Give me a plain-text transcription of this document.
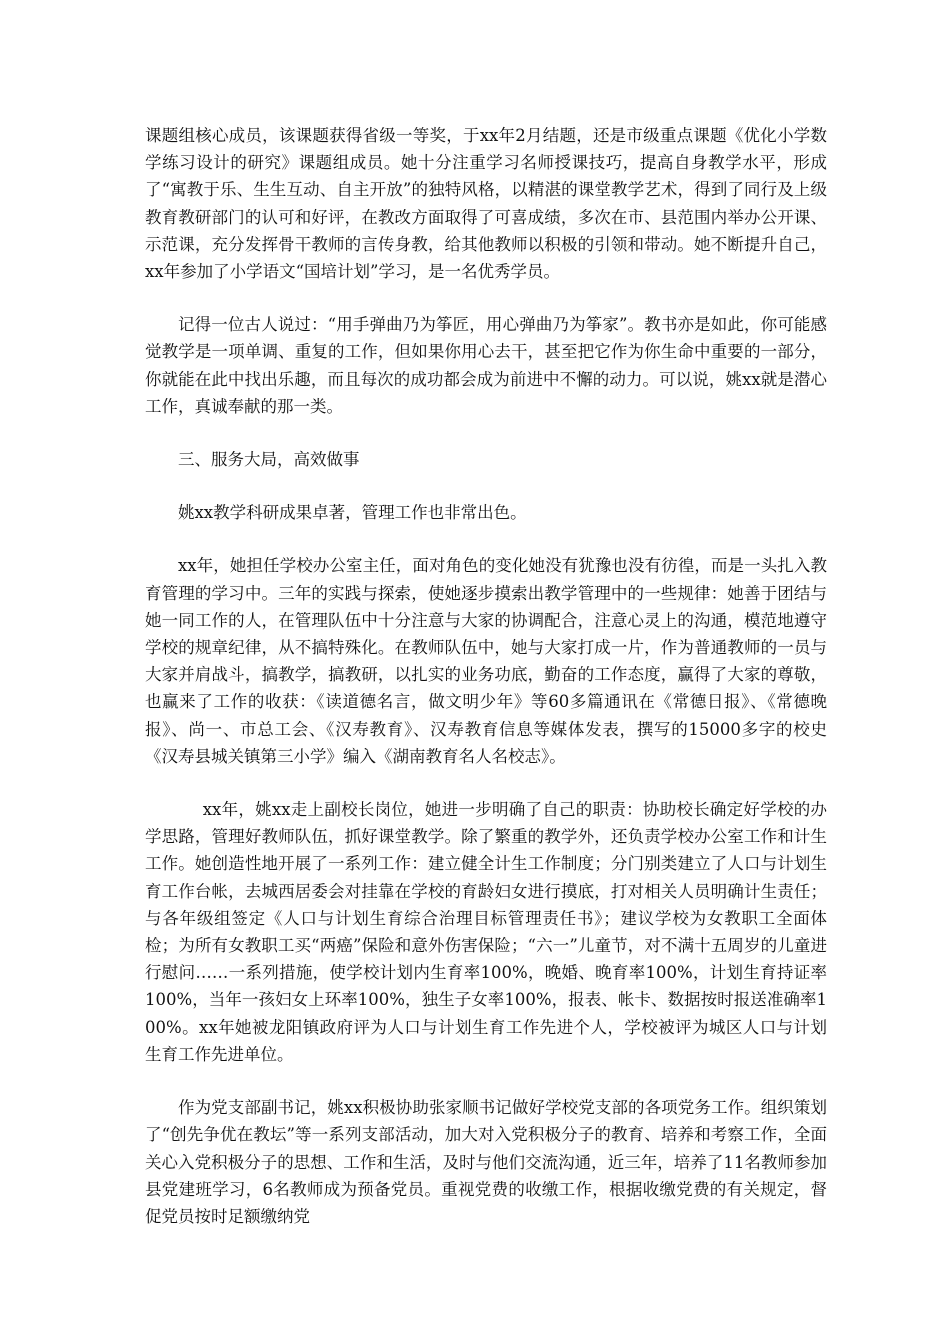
课题组核心成员，该课题获得省级一等奖，于xx年2月结题，还是市级重点课题《优化小学数学练习设计的研究》课题组成员。她十分注重学习名师授课技巧，提高自身教学水平，形成了“寓教于乐、生生互动、自主开放”的独特风格，以精湛的课堂教学艺术，得到了同行及上级教育教研部门的认可和好评，在教改方面取得了可喜成绩，多次在市、县范围内举办公开课、示范课，充分发挥骨干教师的言传身教，给其他教师以积极的引领和带动。她不断提升自己，xx年参加了小学语文“国培计划”学习，是一名优秀学员。

记得一位古人说过：“用手弹曲乃为筝匠，用心弹曲乃为筝家”。教书亦是如此，你可能感觉教学是一项单调、重复的工作，但如果你用心去干，甚至把它作为你生命中重要的一部分，你就能在此中找出乐趣，而且每次的成功都会成为前进中不懈的动力。可以说，姚xx就是潜心工作，真诚奉献的那一类。

三、服务大局，高效做事

姚xx教学科研成果卓著，管理工作也非常出色。

xx年，她担任学校办公室主任，面对角色的变化她没有犹豫也没有彷徨，而是一头扎入教育管理的学习中。三年的实践与探索，使她逐步摸索出教学管理中的一些规律：她善于团结与她一同工作的人，在管理队伍中十分注意与大家的协调配合，注意心灵上的沟通，模范地遵守学校的规章纪律，从不搞特殊化。在教师队伍中，她与大家打成一片，作为普通教师的一员与大家并肩战斗，搞教学，搞教研，以扎实的业务功底，勤奋的工作态度，赢得了大家的尊敬，也赢来了工作的收获：《读道德名言，做文明少年》等60多篇通讯在《常德日报》、《常德晚报》、尚一、市总工会、《汉寿教育》、汉寿教育信息等媒体发表，撰写的15000多字的校史《汉寿县城关镇第三小学》编入《湖南教育名人名校志》。

xx年，姚xx走上副校长岗位，她进一步明确了自己的职责：协助校长确定好学校的办学思路，管理好教师队伍，抓好课堂教学。除了繁重的教学外，还负责学校办公室工作和计生工作。她创造性地开展了一系列工作：建立健全计生工作制度；分门别类建立了人口与计划生育工作台帐，去城西居委会对挂靠在学校的育龄妇女进行摸底，打对相关人员明确计生责任；与各年级组签定《人口与计划生育综合治理目标管理责任书》；建议学校为女教职工全面体检；为所有女教职工买“两癌”保险和意外伤害保险；“六一”儿童节，对不满十五周岁的儿童进行慰问……一系列措施，使学校计划内生育率100%，晚婚、晚育率100%，计划生育持证率100%，当年一孩妇女上环率100%，独生子女率100%，报表、帐卡、数据按时报送准确率100%。xx年她被龙阳镇政府评为人口与计划生育工作先进个人，学校被评为城区人口与计划生育工作先进单位。

作为党支部副书记，姚xx积极协助张家顺书记做好学校党支部的各项党务工作。组织策划了“创先争优在教坛”等一系列支部活动，加大对入党积极分子的教育、培养和考察工作，全面关心入党积极分子的思想、工作和生活，及时与他们交流沟通，近三年，培养了11名教师参加县党建班学习，6名教师成为预备党员。重视党费的收缴工作，根据收缴党费的有关规定，督促党员按时足额缴纳党
